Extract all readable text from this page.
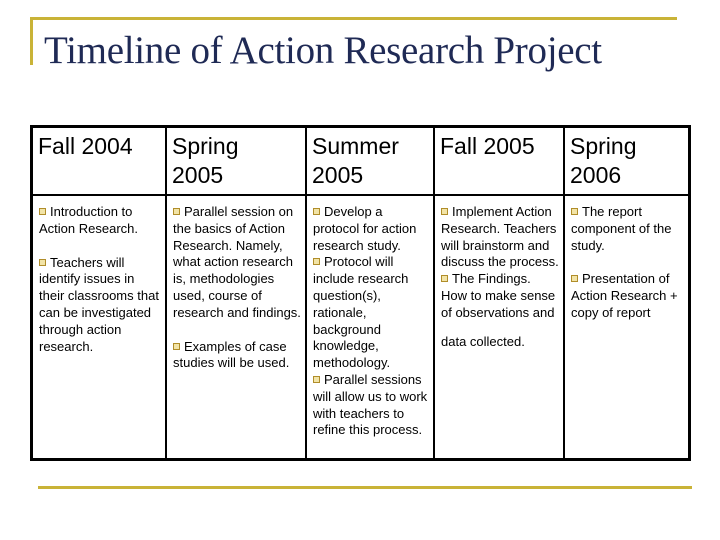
Timeline of Action Research Project
Fall 2004

Introduction to Action Research.

Teachers will identify issues in their classrooms that can be investigated through action research.

Spring
2005

Parallel session on the basics of Action Research. Namely, what action research is, methodologies used, course of research and findings.

Examples of case studies will be used.

Summer
2005

Develop a protocol for action research study.

Protocol will include research question(s), rationale, background knowledge, methodology.

Parallel sessions will allow us to work with teachers to refine this process.

Fall 2005

Implement Action Research. Teachers will brainstorm and discuss the process.

The Findings. How to make sense of observations and

data collected.

Spring
2006

The report component of the study.

Presentation of Action Research + copy of report
